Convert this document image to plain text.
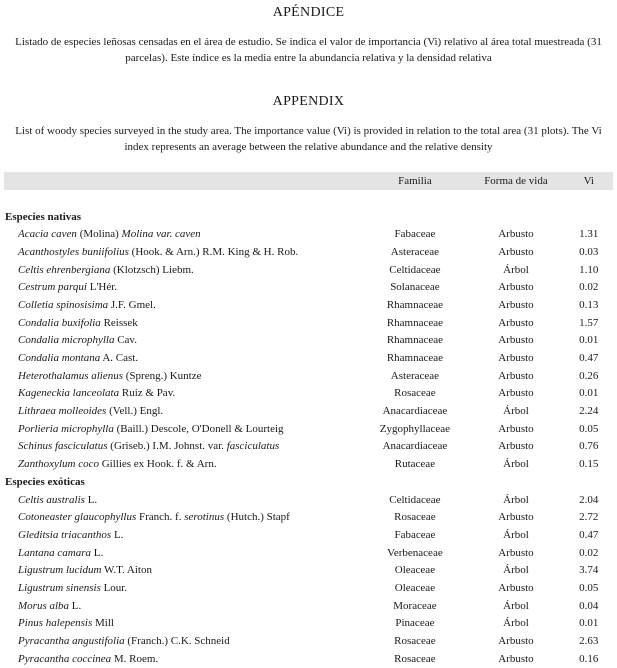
APÉNDICE
Listado de especies leñosas censadas en el área de estudio. Se indica el valor de importancia (Vi) relativo al área total muestreada (31 parcelas). Este índice es la media entre la abundancia relativa y la densidad relativa
APPENDIX
List of woody species surveyed in the study area. The importance value (Vi) is provided in relation to the total area (31 plots). The Vi index represents an average between the relative abundance and the relative density
	Familia	Forma de vida	Vi

Especies nativas			
Acacia caven (Molina) Molina var. caven	Fabaceae	Arbusto	1.31
Acanthostyles buniifolius (Hook. & Arn.) R.M. King & H. Rob.	Asteraceae	Arbusto	0.03
Celtis ehrenbergiana (Klotzsch) Liebm.	Celtidaceae	Árbol	1.10
Cestrum parqui L'Hér.	Solanaceae	Arbusto	0.02
Colletia spinosisima J.F. Gmel.	Rhamnaceae	Arbusto	0.13
Condalia buxifolia Reissek	Rhamnaceae	Arbusto	1.57
Condalia microphylla Cav.	Rhamnaceae	Arbusto	0.01
Condalia montana A. Cast.	Rhamnaceae	Arbusto	0.47
Heterothalamus alienus (Spreng.) Kuntze	Asteraceae	Arbusto	0.26
Kageneckia lanceolata Ruiz & Pav.	Rosaceae	Arbusto	0.01
Lithraea molleoides (Vell.) Engl.	Anacardiaceae	Árbol	2.24
Porlieria microphylla (Baill.) Descole, O'Donell & Lourteig	Zygophyllaceae	Arbusto	0.05
Schinus fasciculatus (Griseb.) I.M. Johnst. var. fasciculatus	Anacardiaceae	Arbusto	0.76
Zanthoxylum coco Gillies ex Hook. f. & Arn.	Rutaceae	Árbol	0.15
Especies exóticas			
Celtis australis L.	Celtidaceae	Árbol	2.04
Cotoneaster glaucophyllus Franch. f. serotinus (Hutch.) Stapf	Rosaceae	Arbusto	2.72
Gleditsia triacanthos L.	Fabaceae	Árbol	0.47
Lantana camara L.	Verbenaceae	Arbusto	0.02
Ligustrum lucidum W.T. Aiton	Oleaceae	Árbol	3.74
Ligustrum sinensis Lour.	Oleaceae	Arbusto	0.05
Morus alba L.	Moraceae	Árbol	0.04
Pinus halepensis Mill	Pinaceae	Árbol	0.01
Pyracantha angustifolia (Franch.) C.K. Schneid	Rosaceae	Arbusto	2.63
Pyracantha coccinea M. Roem.	Rosaceae	Arbusto	0.16
